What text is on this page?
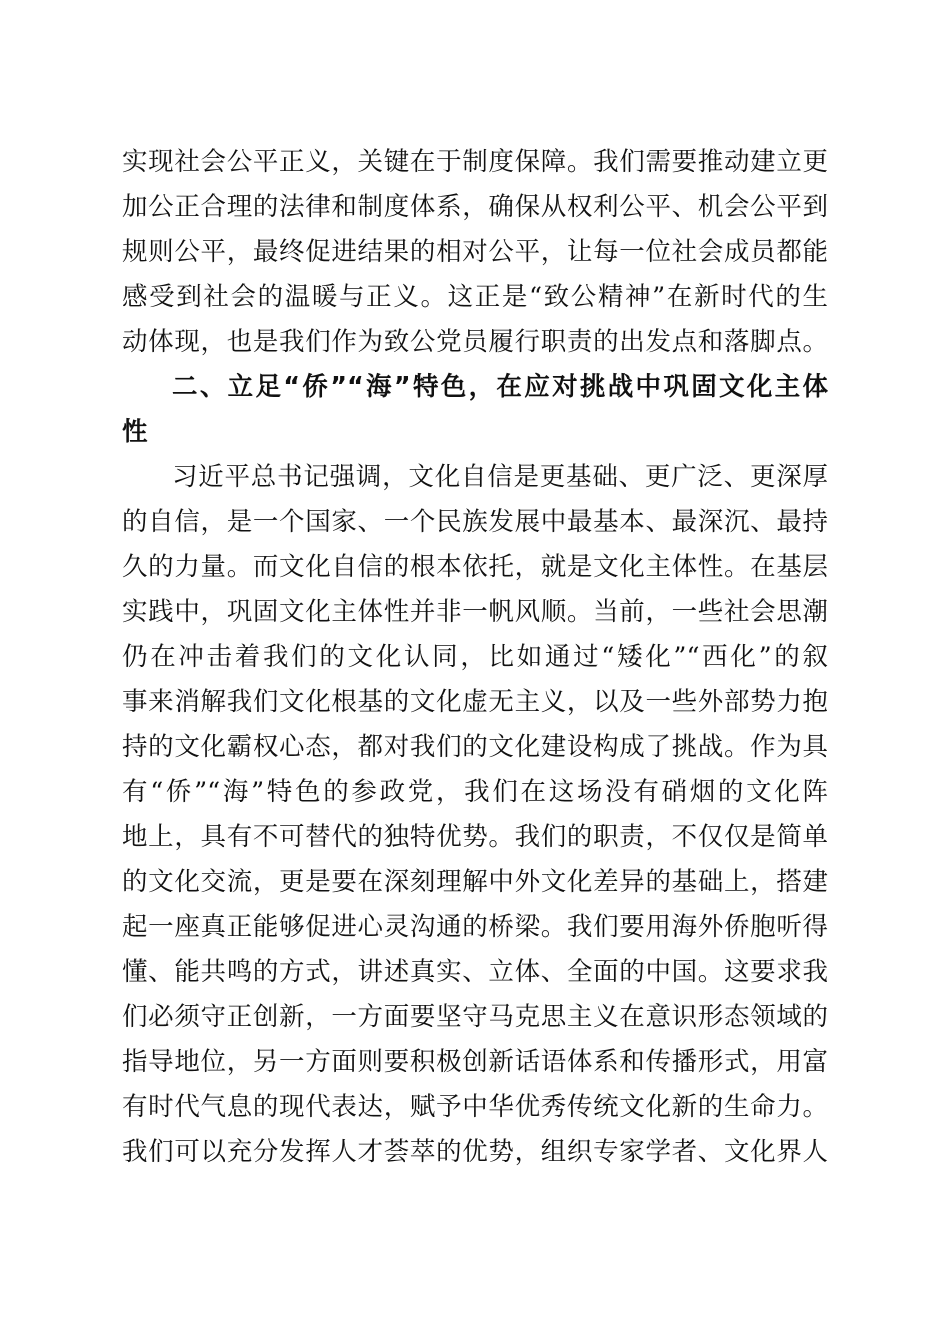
实现社会公平正义，关键在于制度保障。我们需要推动建立更
加公正合理的法律和制度体系，确保从权利公平、机会公平到
规则公平，最终促进结果的相对公平，让每一位社会成员都能
感受到社会的温暖与正义。这正是“致公精神”在新时代的生
动体现，也是我们作为致公党员履行职责的出发点和落脚点。
二、立足“侨”“海”特色，在应对挑战中巩固文化主体
性
习近平总书记强调，文化自信是更基础、更广泛、更深厚
的自信，是一个国家、一个民族发展中最基本、最深沉、最持
久的力量。而文化自信的根本依托，就是文化主体性。在基层
实践中，巩固文化主体性并非一帆风顺。当前，一些社会思潮
仍在冲击着我们的文化认同，比如通过“矮化”“西化”的叙
事来消解我们文化根基的文化虚无主义，以及一些外部势力抱
持的文化霸权心态，都对我们的文化建设构成了挑战。作为具
有“侨”“海”特色的参政党，我们在这场没有硝烟的文化阵
地上，具有不可替代的独特优势。我们的职责，不仅仅是简单
的文化交流，更是要在深刻理解中外文化差异的基础上，搭建
起一座真正能够促进心灵沟通的桥梁。我们要用海外侨胞听得
懂、能共鸣的方式，讲述真实、立体、全面的中国。这要求我
们必须守正创新，一方面要坚守马克思主义在意识形态领域的
指导地位，另一方面则要积极创新话语体系和传播形式，用富
有时代气息的现代表达，赋予中华优秀传统文化新的生命力。
我们可以充分发挥人才荟萃的优势，组织专家学者、文化界人
